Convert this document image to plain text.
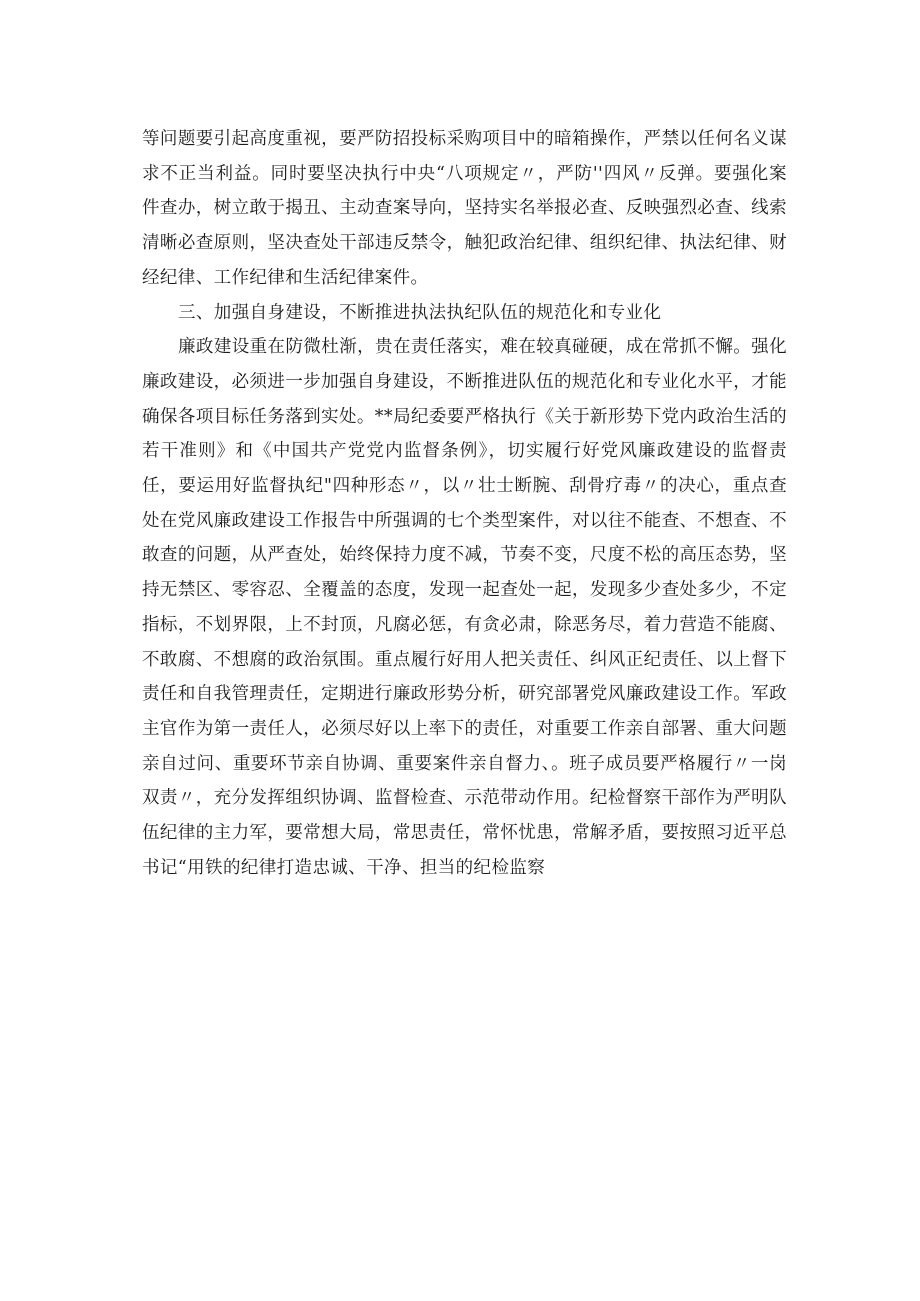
等问题要引起高度重视，要严防招投标采购项目中的暗箱操作，严禁以任何名义谋求不正当利益。同时要坚决执行中央“八项规定〃，严防''四风〃反弹。要强化案件查办，树立敢于揭丑、主动查案导向，坚持实名举报必查、反映强烈必查、线索清晰必查原则，坚决查处干部违反禁令，触犯政治纪律、组织纪律、执法纪律、财经纪律、工作纪律和生活纪律案件。

三、加强自身建设，不断推进执法执纪队伍的规范化和专业化

廉政建设重在防微杜渐，贵在责任落实，难在较真碰硬，成在常抓不懈。强化廉政建设，必须进一步加强自身建设，不断推进队伍的规范化和专业化水平，才能确保各项目标任务落到实处。**局纪委要严格执行《关于新形势下党内政治生活的若干准则》和《中国共产党党内监督条例》，切实履行好党风廉政建设的监督责任，要运用好监督执纪"四种形态〃，以〃壮士断腕、刮骨疗毒〃的决心，重点查处在党风廉政建设工作报告中所强调的七个类型案件，对以往不能查、不想查、不敢查的问题，从严查处，始终保持力度不减，节奏不变，尺度不松的高压态势，坚持无禁区、零容忍、全覆盖的态度，发现一起查处一起，发现多少查处多少，不定指标，不划界限，上不封顶，凡腐必惩，有贪必肃，除恶务尽，着力营造不能腐、不敢腐、不想腐的政治氛围。重点履行好用人把关责任、纠风正纪责任、以上督下责任和自我管理责任，定期进行廉政形势分析，研究部署党风廉政建设工作。军政主官作为第一责任人，必须尽好以上率下的责任，对重要工作亲自部署、重大问题亲自过问、重要环节亲自协调、重要案件亲自督力、。班子成员要严格履行〃一岗双责〃，充分发挥组织协调、监督检查、示范带动作用。纪检督察干部作为严明队伍纪律的主力军，要常想大局，常思责任，常怀忧患，常解矛盾，要按照习近平总书记“用铁的纪律打造忠诚、干净、担当的纪检监察
